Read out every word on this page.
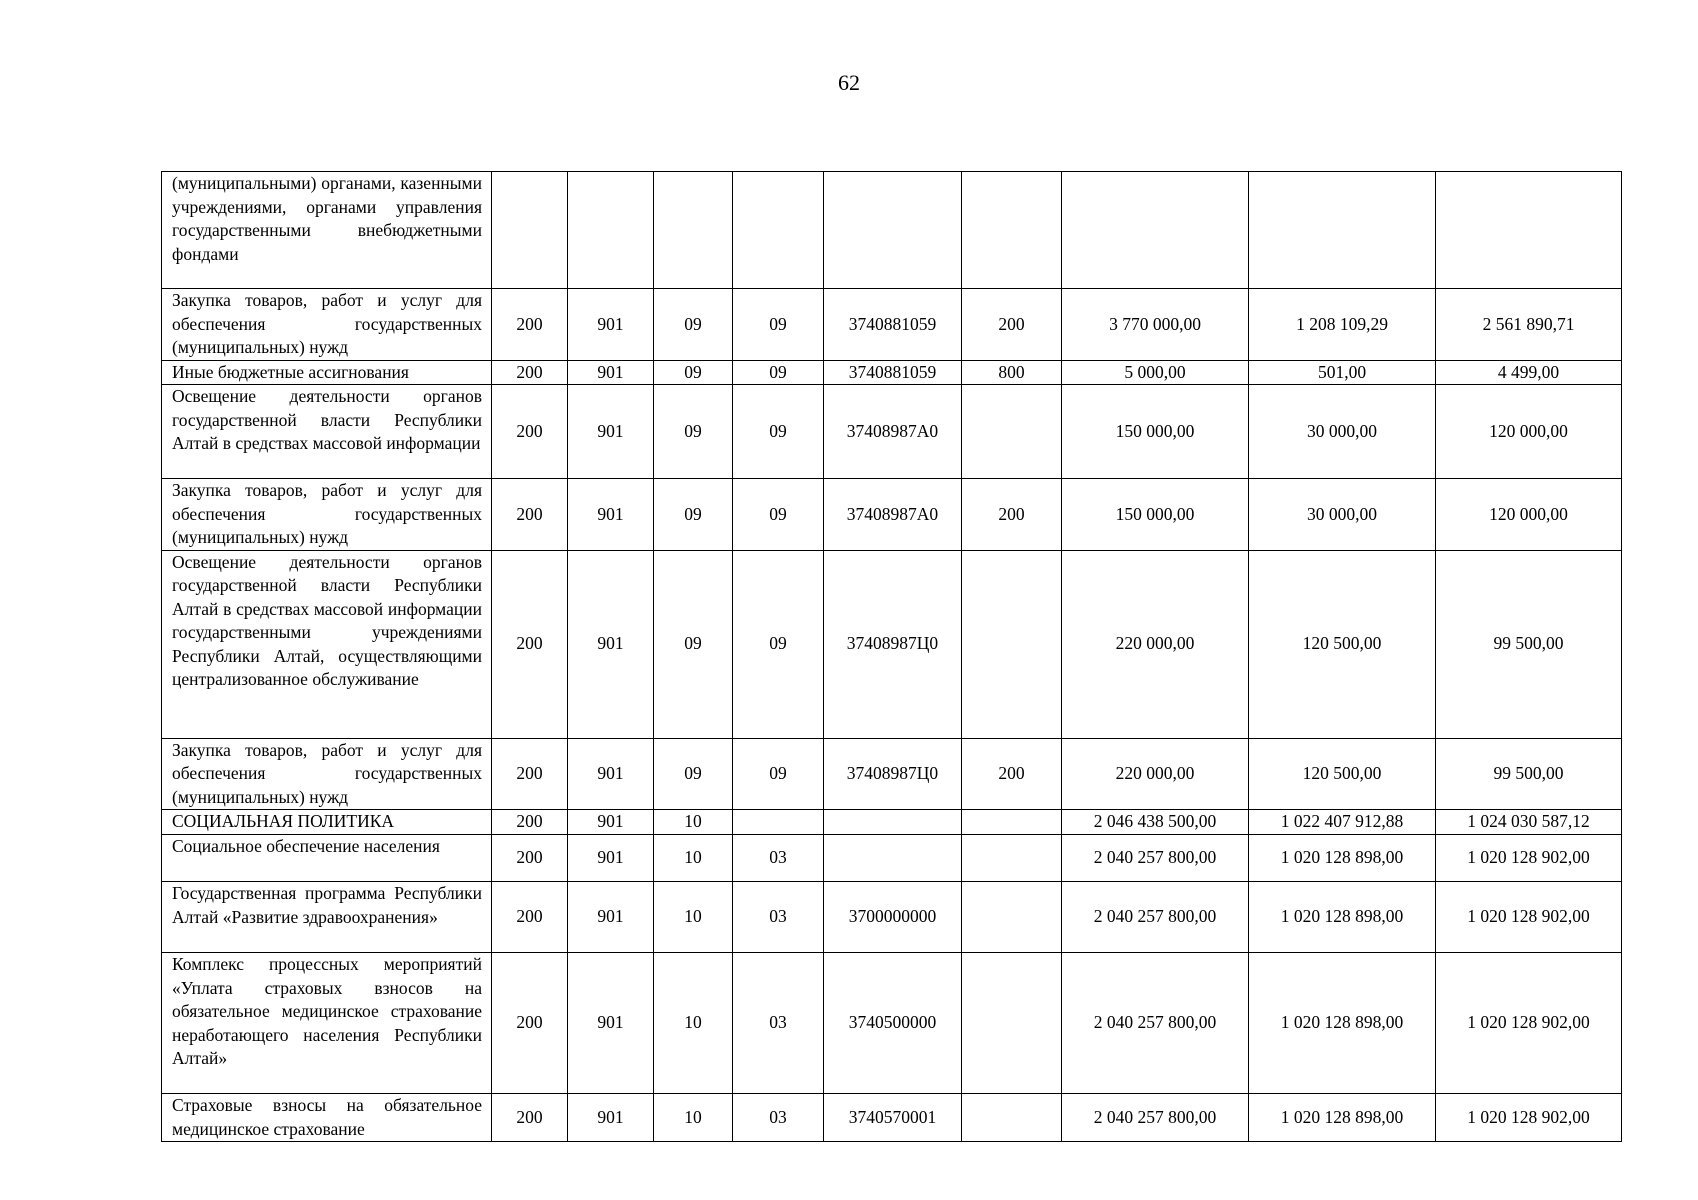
62
(муниципальными) органами, казенными учреждениями, органами управления государственными внебюджетными фондами									
Закупка товаров, работ и услуг для обеспечения государственных (муниципальных) нужд	200	901	09	09	3740881059	200	3 770 000,00	1 208 109,29	2 561 890,71
Иные бюджетные ассигнования	200	901	09	09	3740881059	800	5 000,00	501,00	4 499,00
Освещение деятельности органов государственной власти Республики Алтай в средствах массовой информации	200	901	09	09	37408987А0		150 000,00	30 000,00	120 000,00
Закупка товаров, работ и услуг для обеспечения государственных (муниципальных) нужд	200	901	09	09	37408987А0	200	150 000,00	30 000,00	120 000,00
Освещение деятельности органов государственной власти Республики Алтай в средствах массовой информации государственными учреждениями Республики Алтай, осуществляющими централизованное обслуживание	200	901	09	09	37408987Ц0		220 000,00	120 500,00	99 500,00
Закупка товаров, работ и услуг для обеспечения государственных (муниципальных) нужд	200	901	09	09	37408987Ц0	200	220 000,00	120 500,00	99 500,00
СОЦИАЛЬНАЯ ПОЛИТИКА	200	901	10				2 046 438 500,00	1 022 407 912,88	1 024 030 587,12
Социальное обеспечение населения	200	901	10	03			2 040 257 800,00	1 020 128 898,00	1 020 128 902,00
Государственная программа Республики Алтай «Развитие здравоохранения»	200	901	10	03	3700000000		2 040 257 800,00	1 020 128 898,00	1 020 128 902,00
Комплекс процессных мероприятий «Уплата страховых взносов на обязательное медицинское страхование неработающего населения Республики Алтай»	200	901	10	03	3740500000		2 040 257 800,00	1 020 128 898,00	1 020 128 902,00
Страховые взносы на обязательное медицинское страхование	200	901	10	03	3740570001		2 040 257 800,00	1 020 128 898,00	1 020 128 902,00
